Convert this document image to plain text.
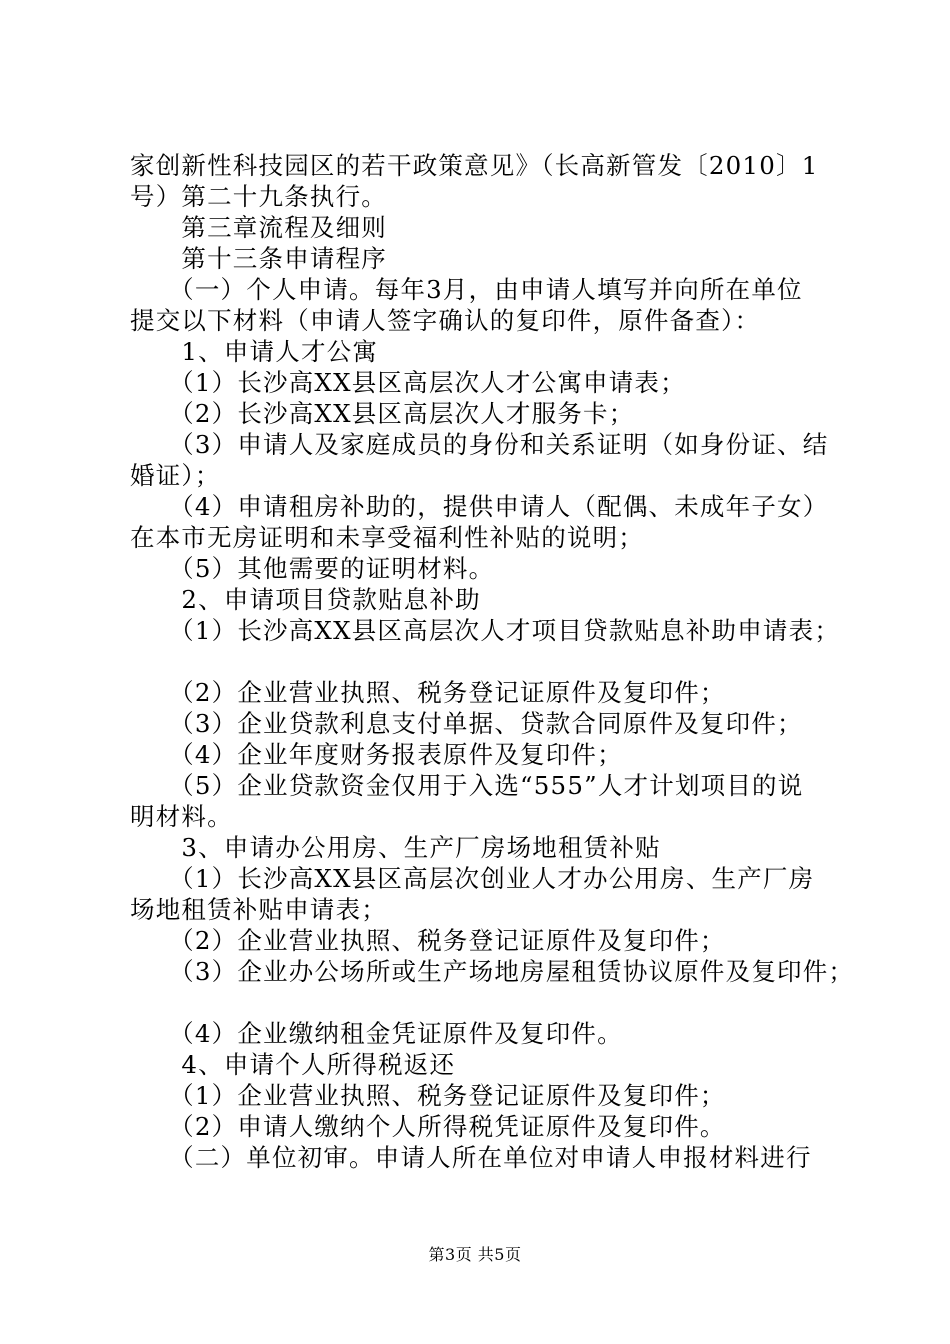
家创新性科技园区的若干政策意见》（长高新管发〔2010〕1
号）第二十九条执行。
　　第三章流程及细则
　　第十三条申请程序
　　（一）个人申请。每年3月，由申请人填写并向所在单位
提交以下材料（申请人签字确认的复印件，原件备查）：
　　1、申请人才公寓
　　（1）长沙高XX县区高层次人才公寓申请表；
　　（2）长沙高XX县区高层次人才服务卡；
　　（3）申请人及家庭成员的身份和关系证明（如身份证、结
婚证）；
　　（4）申请租房补助的，提供申请人（配偶、未成年子女）
在本市无房证明和未享受福利性补贴的说明；
　　（5）其他需要的证明材料。
　　2、申请项目贷款贴息补助
　　（1）长沙高XX县区高层次人才项目贷款贴息补助申请表；
　　（2）企业营业执照、税务登记证原件及复印件；
　　（3）企业贷款利息支付单据、贷款合同原件及复印件；
　　（4）企业年度财务报表原件及复印件；
　　（5）企业贷款资金仅用于入选“555”人才计划项目的说
明材料。
　　3、申请办公用房、生产厂房场地租赁补贴
　　（1）长沙高XX县区高层次创业人才办公用房、生产厂房
场地租赁补贴申请表；
　　（2）企业营业执照、税务登记证原件及复印件；
　　（3）企业办公场所或生产场地房屋租赁协议原件及复印件；
　　（4）企业缴纳租金凭证原件及复印件。
　　4、申请个人所得税返还
　　（1）企业营业执照、税务登记证原件及复印件；
　　（2）申请人缴纳个人所得税凭证原件及复印件。
　　（二）单位初审。申请人所在单位对申请人申报材料进行
第3页 共5页
